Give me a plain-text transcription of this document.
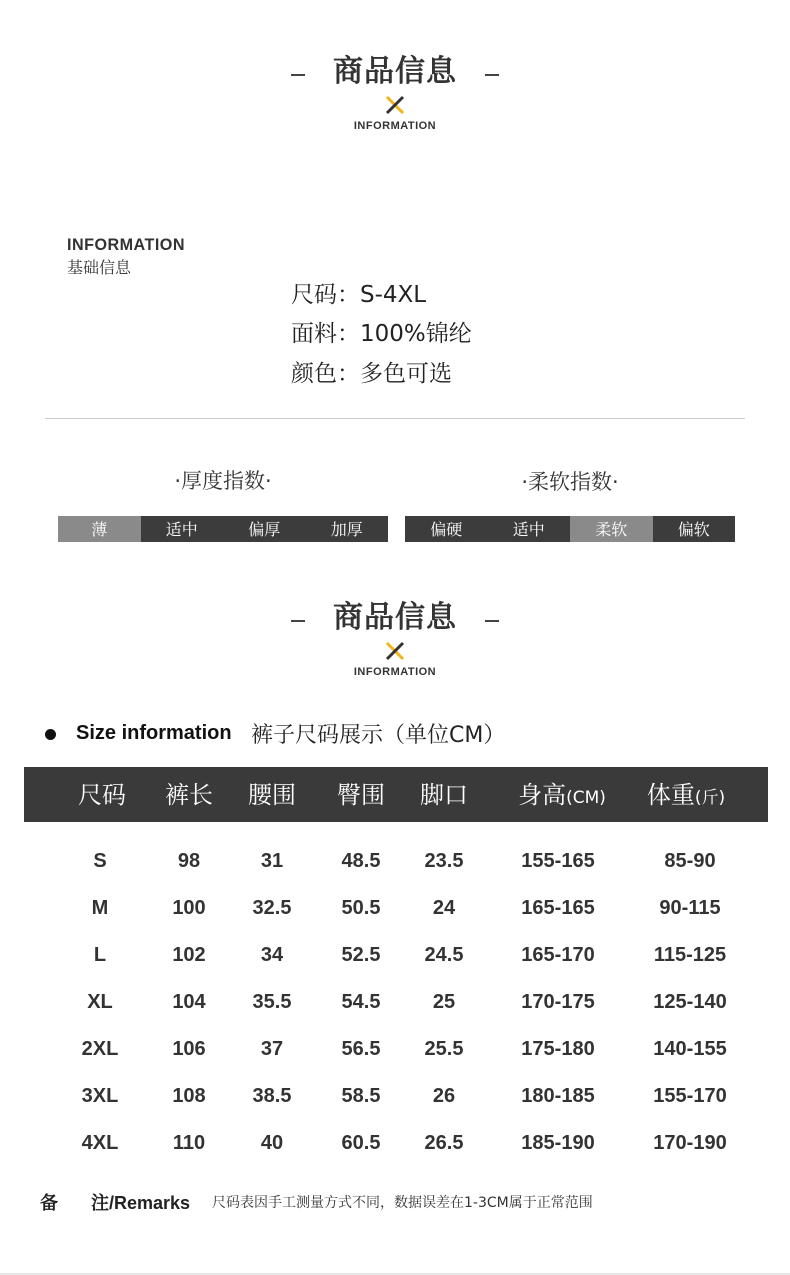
商品信息
INFORMATION
INFORMATION
基础信息
尺码：S-4XL
面料：100%锦纶
颜色：多色可选
·厚度指数·	·柔软指数·
薄	适中	偏厚	加厚	偏硬	适中	柔软	偏软
商品信息
INFORMATION
Size information 裤子尺码展示（单位CM）
尺码	裤长	腰围	臀围	脚口	身高(CM)	体重(斤)
S	98	31	48.5	23.5	155-165	85-90
M	100	32.5	50.5	24	165-165	90-115
L	102	34	52.5	24.5	165-170	115-125
XL	104	35.5	54.5	25	170-175	125-140
2XL	106	37	56.5	25.5	175-180	140-155
3XL	108	38.5	58.5	26	180-185	155-170
4XL	110	40	60.5	26.5	185-190	170-190
备 注/Remarks 尺码表因手工测量方式不同，数据误差在1-3CM属于正常范围
